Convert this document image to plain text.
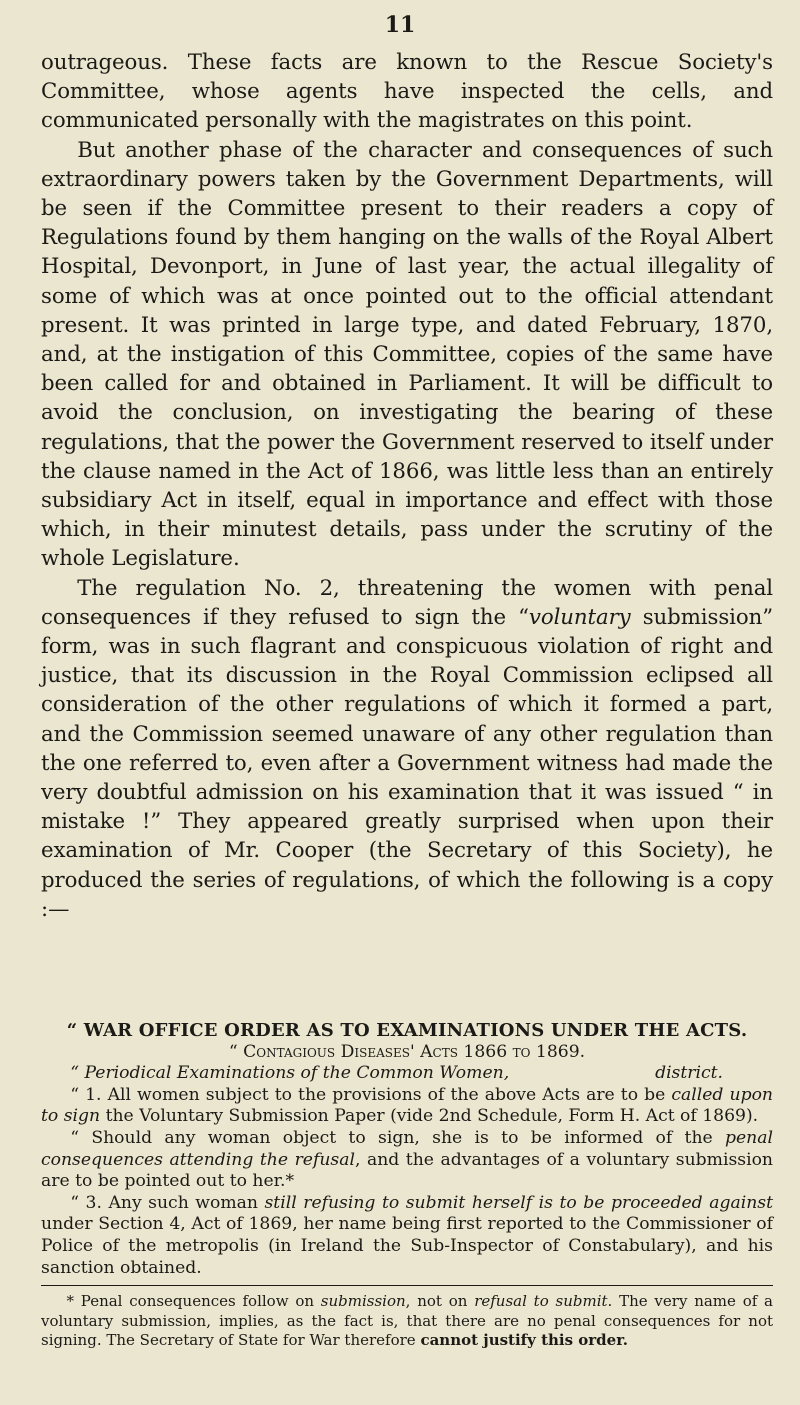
11

outrageous. These facts are known to the Rescue Society's Committee, whose agents have inspected the cells, and communicated personally with the magistrates on this point.

But another phase of the character and consequences of such extraordinary powers taken by the Government Departments, will be seen if the Committee present to their readers a copy of Regulations found by them hanging on the walls of the Royal Albert Hospital, Devonport, in June of last year, the actual illegality of some of which was at once pointed out to the official attendant present. It was printed in large type, and dated February, 1870, and, at the instigation of this Committee, copies of the same have been called for and obtained in Parliament. It will be difficult to avoid the conclusion, on investigating the bearing of these regulations, that the power the Government reserved to itself under the clause named in the Act of 1866, was little less than an entirely subsidiary Act in itself, equal in importance and effect with those which, in their minutest details, pass under the scrutiny of the whole Legislature.

The regulation No. 2, threatening the women with penal consequences if they refused to sign the “voluntary submission” form, was in such flagrant and conspicuous violation of right and justice, that its discussion in the Royal Commission eclipsed all consideration of the other regulations of which it formed a part, and the Commission seemed unaware of any other regulation than the one referred to, even after a Government witness had made the very doubtful admission on his examination that it was issued “ in mistake !” They appeared greatly surprised when upon their examination of Mr. Cooper (the Secretary of this Society), he produced the series of regulations, of which the following is a copy :—

“ WAR OFFICE ORDER AS TO EXAMINATIONS UNDER THE ACTS.

“ Contagious Diseases' Acts 1866 to 1869.

“ Periodical Examinations of the Common Women,	district.

“ 1. All women subject to the provisions of the above Acts are to be called upon to sign the Voluntary Submission Paper (vide 2nd Schedule, Form H. Act of 1869).

“ Should any woman object to sign, she is to be informed of the penal consequences attending the refusal, and the advantages of a voluntary submission are to be pointed out to her.*

“ 3. Any such woman still refusing to submit herself is to be proceeded against under Section 4, Act of 1869, her name being first reported to the Commissioner of Police of the metropolis (in Ireland the Sub-Inspector of Constabulary), and his sanction obtained.

* Penal consequences follow on submission, not on refusal to submit. The very name of a voluntary submission, implies, as the fact is, that there are no penal consequences for not signing. The Secretary of State for War therefore cannot justify this order.
